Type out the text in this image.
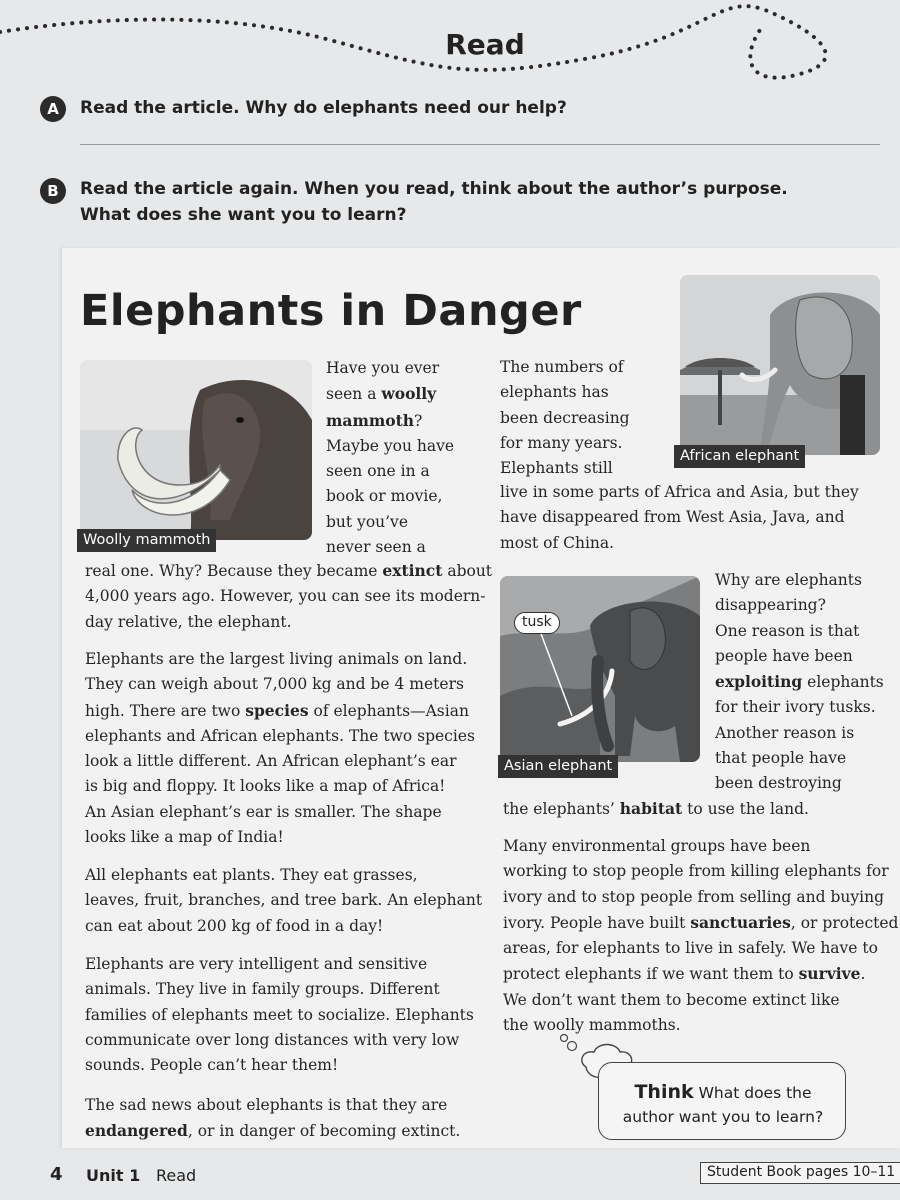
Read
A	Read the article. Why do elephants need our help?
B	Read the article again. When you read, think about the author’s purpose.
What does she want you to learn?
Elephants in Danger
Woolly mammoth
African elephant
Asian elephant
tusk
Have you ever
seen a woolly
mammoth?
Maybe you have
seen one in a
book or movie,
but you’ve
never seen a
real one. Why? Because they became extinct about
4,000 years ago. However, you can see its modern-
day relative, the elephant.
Elephants are the largest living animals on land.
They can weigh about 7,000 kg and be 4 meters
high. There are two species of elephants—Asian
elephants and African elephants. The two species
look a little different. An African elephant’s ear
is big and floppy. It looks like a map of Africa!
An Asian elephant’s ear is smaller. The shape
looks like a map of India!
All elephants eat plants. They eat grasses,
leaves, fruit, branches, and tree bark. An elephant
can eat about 200 kg of food in a day!
Elephants are very intelligent and sensitive
animals. They live in family groups. Different
families of elephants meet to socialize. Elephants
communicate over long distances with very low
sounds. People can’t hear them!
The sad news about elephants is that they are
endangered, or in danger of becoming extinct.
The numbers of
elephants has
been decreasing
for many years.
Elephants still
live in some parts of Africa and Asia, but they
have disappeared from West Asia, Java, and
most of China.
Why are elephants
disappearing?
One reason is that
people have been
exploiting elephants
for their ivory tusks.
Another reason is
that people have
been destroying
the elephants’ habitat to use the land.
Many environmental groups have been
working to stop people from killing elephants for
ivory and to stop people from selling and buying
ivory. People have built sanctuaries, or protected
areas, for elephants to live in safely. We have to
protect elephants if we want them to survive.
We don’t want them to become extinct like
the woolly mammoths.
Think What does the
author want you to learn?
4 Unit 1 Read	Student Book pages 10–11
